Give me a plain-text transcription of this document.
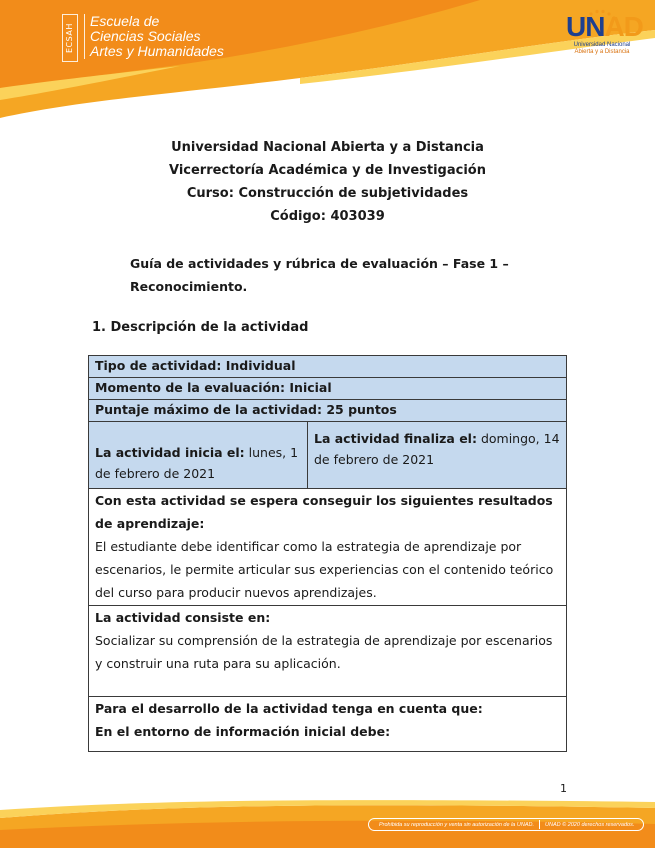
ECSAH
Escuela de
Ciencias Sociales
Artes y Humanidades
UNAD
Universidad Nacional
Abierta y a Distancia
Universidad Nacional Abierta y a Distancia
Vicerrectoría Académica y de Investigación
Curso: Construcción de subjetividades
Código: 403039
Guía de actividades y rúbrica de evaluación – Fase 1 – Reconocimiento.
1. Descripción de la actividad
Tipo de actividad: Individual
Momento de la evaluación: Inicial
Puntaje máximo de la actividad: 25 puntos

La actividad inicia el: lunes, 1 de febrero de 2021

La actividad finaliza el: domingo, 14 de febrero de 2021

Con esta actividad se espera conseguir los siguientes resultados de aprendizaje:
El estudiante debe identificar como la estrategia de aprendizaje por escenarios, le permite articular sus experiencias con el contenido teórico del curso para producir nuevos aprendizajes.

La actividad consiste en:
Socializar su comprensión de la estrategia de aprendizaje por escenarios y construir una ruta para su aplicación.

Para el desarrollo de la actividad tenga en cuenta que:
En el entorno de información inicial debe:
1
Prohibida su reproducción y venta sin autorización de la UNAD. UNAD © 2020 derechos reservados.
